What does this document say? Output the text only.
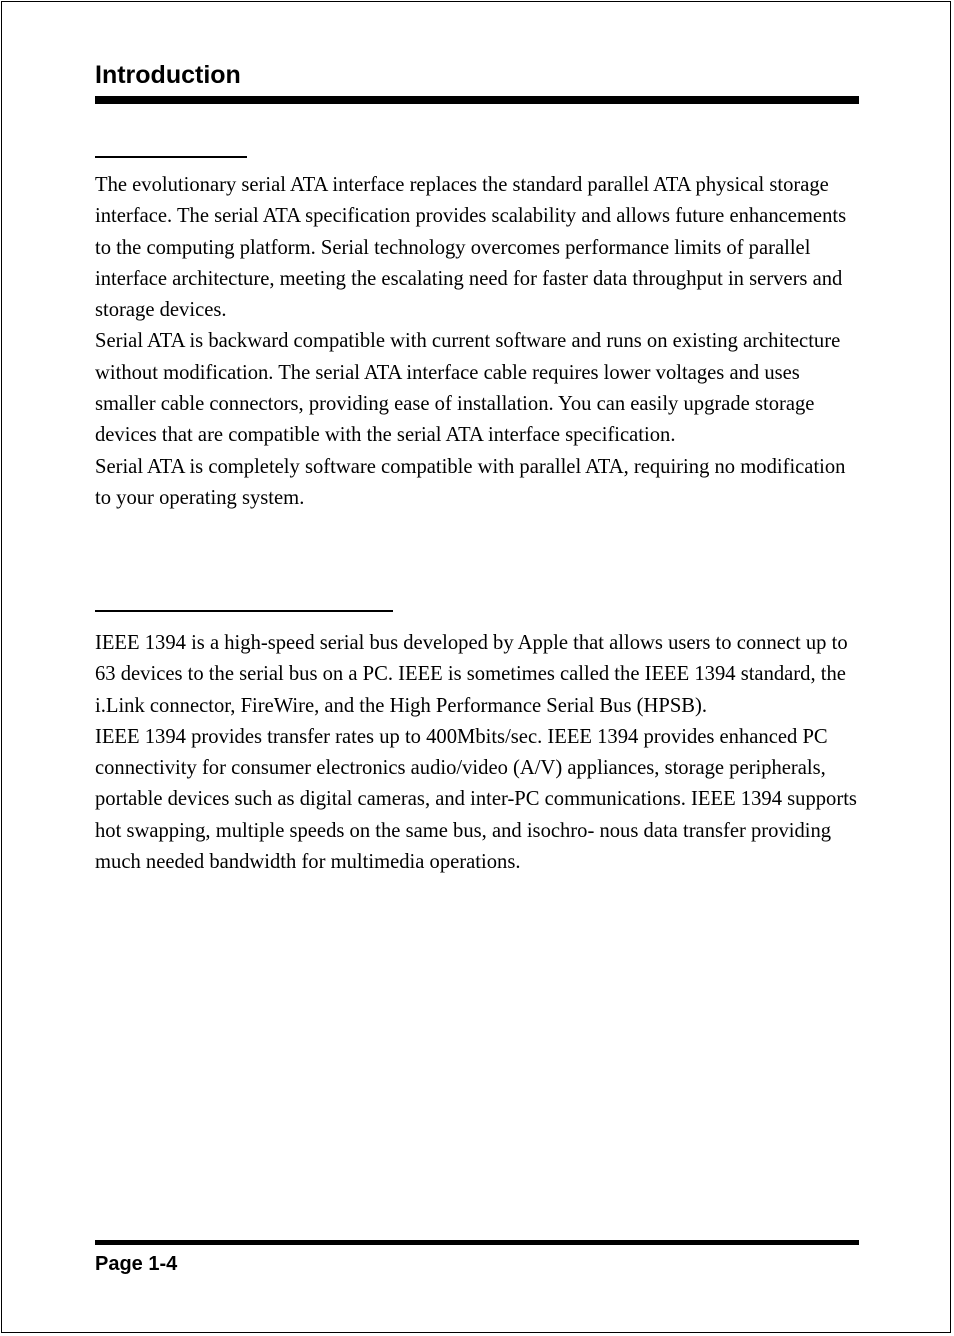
Introduction

The evolutionary serial ATA interface replaces the standard parallel ATA physical storage interface. The serial ATA specification provides scalability and allows future enhancements to the computing platform. Serial technology overcomes performance limits of parallel interface architecture, meeting the escalating need for faster data throughput in servers and storage devices.

Serial ATA is backward compatible with current software and runs on existing architecture without modification. The serial ATA interface cable requires lower voltages and uses smaller cable connectors, providing ease of installation. You can easily upgrade storage devices that are compatible with the serial ATA interface specification.

Serial ATA is completely software compatible with parallel ATA, requiring no modification to your operating system.

IEEE 1394 is a high-speed serial bus developed by Apple that allows users to connect up to 63 devices to the serial bus on a PC. IEEE is sometimes called the IEEE 1394 standard, the i.Link connector, FireWire, and the High Performance Serial Bus (HPSB).

IEEE 1394 provides transfer rates up to 400Mbits/sec. IEEE 1394 provides enhanced PC connectivity for consumer electronics audio/video (A/V) appliances, storage peripherals, portable devices such as digital cameras, and inter-PC communications. IEEE 1394 supports hot swapping, multiple speeds on the same bus, and isochro- nous data transfer providing much needed bandwidth for multimedia operations.

Page 1-4
